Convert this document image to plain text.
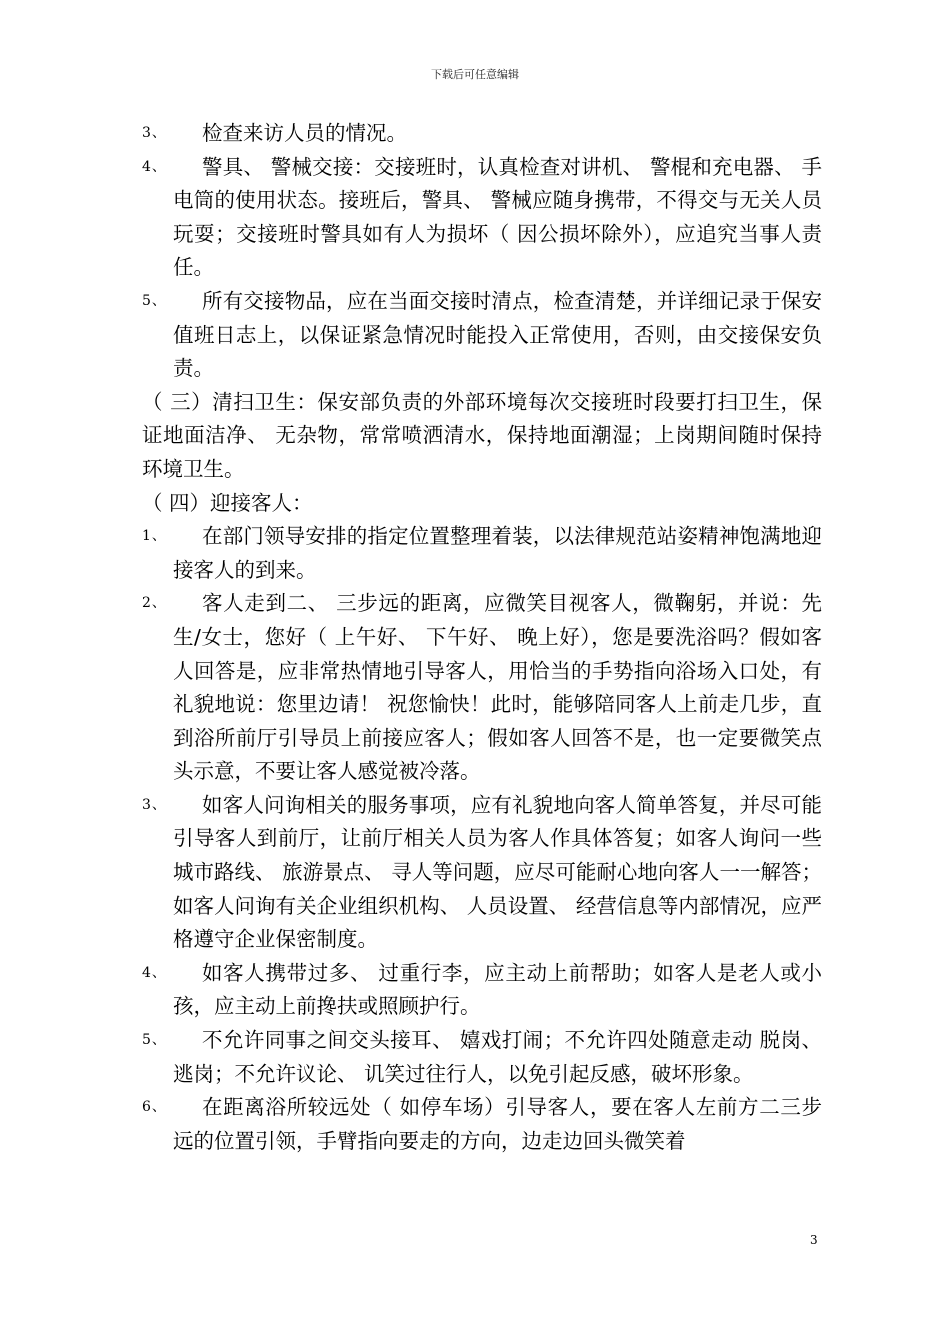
下载后可任意编辑
3、	检查来访人员的情况。
4、	警具、 警械交接：交接班时，认真检查对讲机、 警棍和充电器、 手电筒的使用状态。接班后，警具、 警械应随身携带，不得交与无关人员玩耍；交接班时警具如有人为损坏（ 因公损坏除外），应追究当事人责任。
5、	所有交接物品，应在当面交接时清点，检查清楚，并详细记录于保安值班日志上，以保证紧急情况时能投入正常使用，否则，由交接保安负责。

（ 三）清扫卫生：保安部负责的外部环境每次交接班时段要打扫卫生，保证地面洁净、 无杂物，常常喷洒清水，保持地面潮湿；上岗期间随时保持环境卫生。

（ 四）迎接客人：

1、	在部门领导安排的指定位置整理着装，以法律规范站姿精神饱满地迎接客人的到来。
2、	客人走到二、 三步远的距离，应微笑目视客人，微鞠躬，并说：先生/女士，您好（ 上午好、 下午好、 晚上好），您是要洗浴吗？假如客人回答是，应非常热情地引导客人，用恰当的手势指向浴场入口处，有礼貌地说：您里边请！ 祝您愉快！此时，能够陪同客人上前走几步，直到浴所前厅引导员上前接应客人；假如客人回答不是，也一定要微笑点头示意，不要让客人感觉被冷落。
3、	如客人问询相关的服务事项，应有礼貌地向客人简单答复，并尽可能引导客人到前厅，让前厅相关人员为客人作具体答复；如客人询问一些城市路线、 旅游景点、 寻人等问题，应尽可能耐心地向客人一一解答；如客人问询有关企业组织机构、 人员设置、 经营信息等内部情况，应严格遵守企业保密制度。
4、	如客人携带过多、 过重行李，应主动上前帮助；如客人是老人或小孩，应主动上前搀扶或照顾护行。
5、	不允许同事之间交头接耳、 嬉戏打闹；不允许四处随意走动 脱岗、 逃岗；不允许议论、 讥笑过往行人，以免引起反感，破坏形象。
6、	在距离浴所较远处（ 如停车场）引导客人，要在客人左前方二三步远的位置引领，手臂指向要走的方向，边走边回头微笑着
3
